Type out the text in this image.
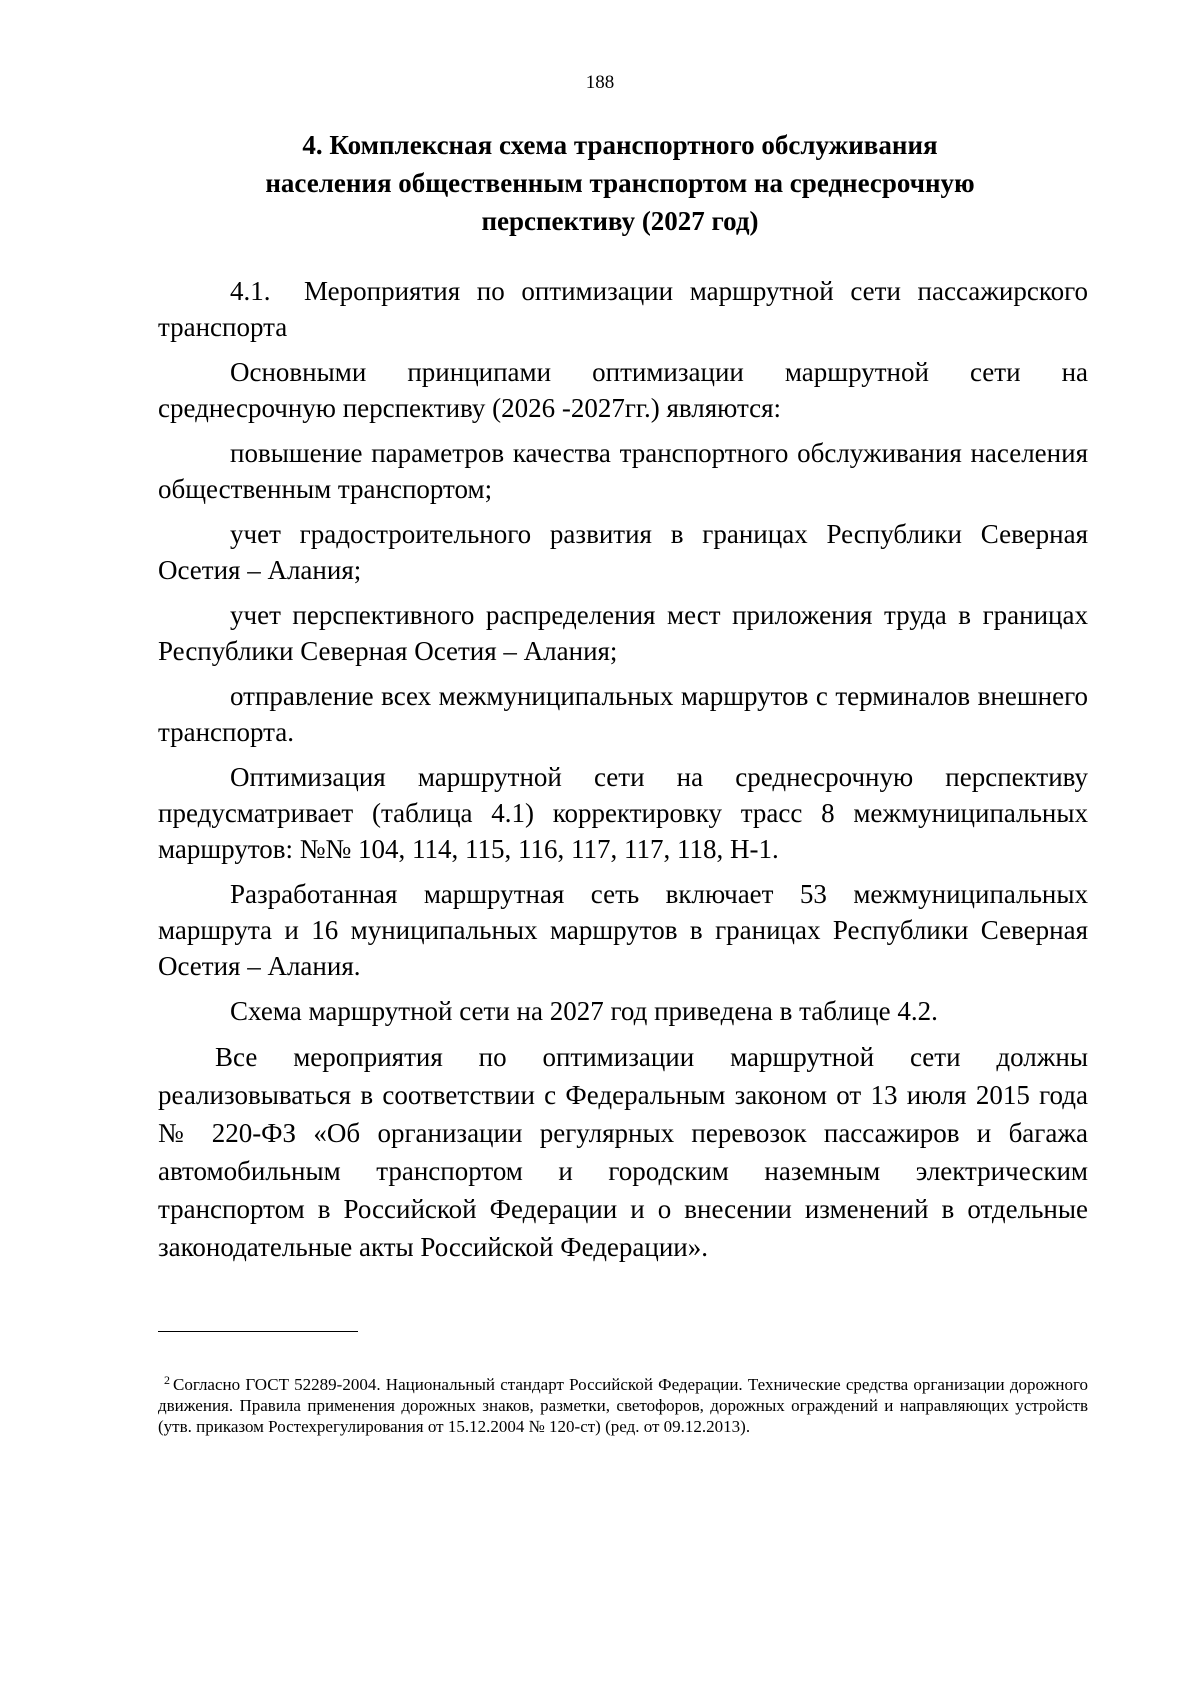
188
4. Комплексная схема транспортного обслуживания
населения общественным транспортом на среднесрочную
перспективу (2027 год)

4.1. Мероприятия по оптимизации маршрутной сети пассажирского транспорта

Основными принципами оптимизации маршрутной сети на среднесрочную перспективу (2026 -2027гг.) являются:

повышение параметров качества транспортного обслуживания населения общественным транспортом;

учет градостроительного развития в границах Республики Северная Осетия – Алания;

учет перспективного распределения мест приложения труда в границах Республики Северная Осетия – Алания;

отправление всех межмуниципальных маршрутов с терминалов внешнего транспорта.

Оптимизация маршрутной сети на среднесрочную перспективу предусматривает (таблица 4.1) корректировку трасс 8 межмуниципальных маршрутов: №№ 104, 114, 115, 116, 117, 117, 118, Н-1.

Разработанная маршрутная сеть включает 53 межмуниципальных маршрута и 16 муниципальных маршрутов в границах Республики Северная Осетия – Алания.

Схема маршрутной сети на 2027 год приведена в таблице 4.2.

Все мероприятия по оптимизации маршрутной сети должны реализовываться в соответствии с Федеральным законом от 13 июля 2015 года № 220-ФЗ «Об организации регулярных перевозок пассажиров и багажа автомобильным транспортом и городским наземным электрическим транспортом в Российской Федерации и о внесении изменений в отдельные законодательные акты Российской Федерации».

$^2$ Согласно ГОСТ 52289-2004. Национальный стандарт Российской Федерации. Технические средства организации дорожного движения. Правила применения дорожных знаков, разметки, светофоров, дорожных ограждений и направляющих устройств (утв. приказом Ростехрегулирования от 15.12.2004 № 120-ст) (ред. от 09.12.2013).
